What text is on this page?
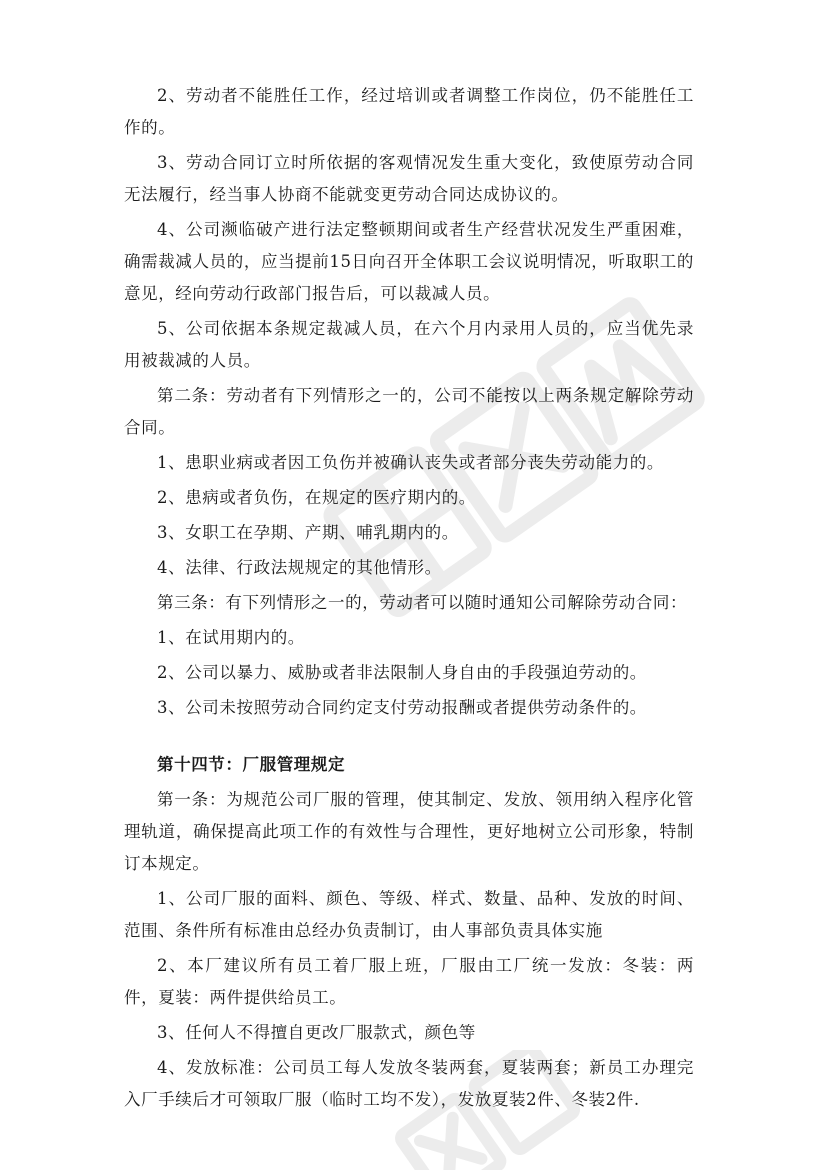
2、劳动者不能胜任工作，经过培训或者调整工作岗位，仍不能胜任工作的。

3、劳动合同订立时所依据的客观情况发生重大变化，致使原劳动合同无法履行，经当事人协商不能就变更劳动合同达成协议的。

4、公司濒临破产进行法定整顿期间或者生产经营状况发生严重困难，确需裁减人员的，应当提前15日向召开全体职工会议说明情况，听取职工的意见，经向劳动行政部门报告后，可以裁减人员。

5、公司依据本条规定裁减人员，在六个月内录用人员的，应当优先录用被裁减的人员。

第二条：劳动者有下列情形之一的，公司不能按以上两条规定解除劳动合同。

1、患职业病或者因工负伤并被确认丧失或者部分丧失劳动能力的。

2、患病或者负伤，在规定的医疗期内的。

3、女职工在孕期、产期、哺乳期内的。

4、法律、行政法规规定的其他情形。

第三条：有下列情形之一的，劳动者可以随时通知公司解除劳动合同：

1、在试用期内的。

2、公司以暴力、威胁或者非法限制人身自由的手段强迫劳动的。

3、公司未按照劳动合同约定支付劳动报酬或者提供劳动条件的。

第十四节：厂服管理规定

第一条：为规范公司厂服的管理，使其制定、发放、领用纳入程序化管理轨道，确保提高此项工作的有效性与合理性，更好地树立公司形象，特制订本规定。

1、公司厂服的面料、颜色、等级、样式、数量、品种、发放的时间、范围、条件所有标准由总经办负责制订，由人事部负责具体实施

2、本厂建议所有员工着厂服上班，厂服由工厂统一发放：冬装：两件，夏装：两件提供给员工。

3、任何人不得擅自更改厂服款式，颜色等

4、发放标准：公司员工每人发放冬装两套，夏装两套；新员工办理完入厂手续后才可领取厂服（临时工均不发），发放夏装2件、冬装2件.
